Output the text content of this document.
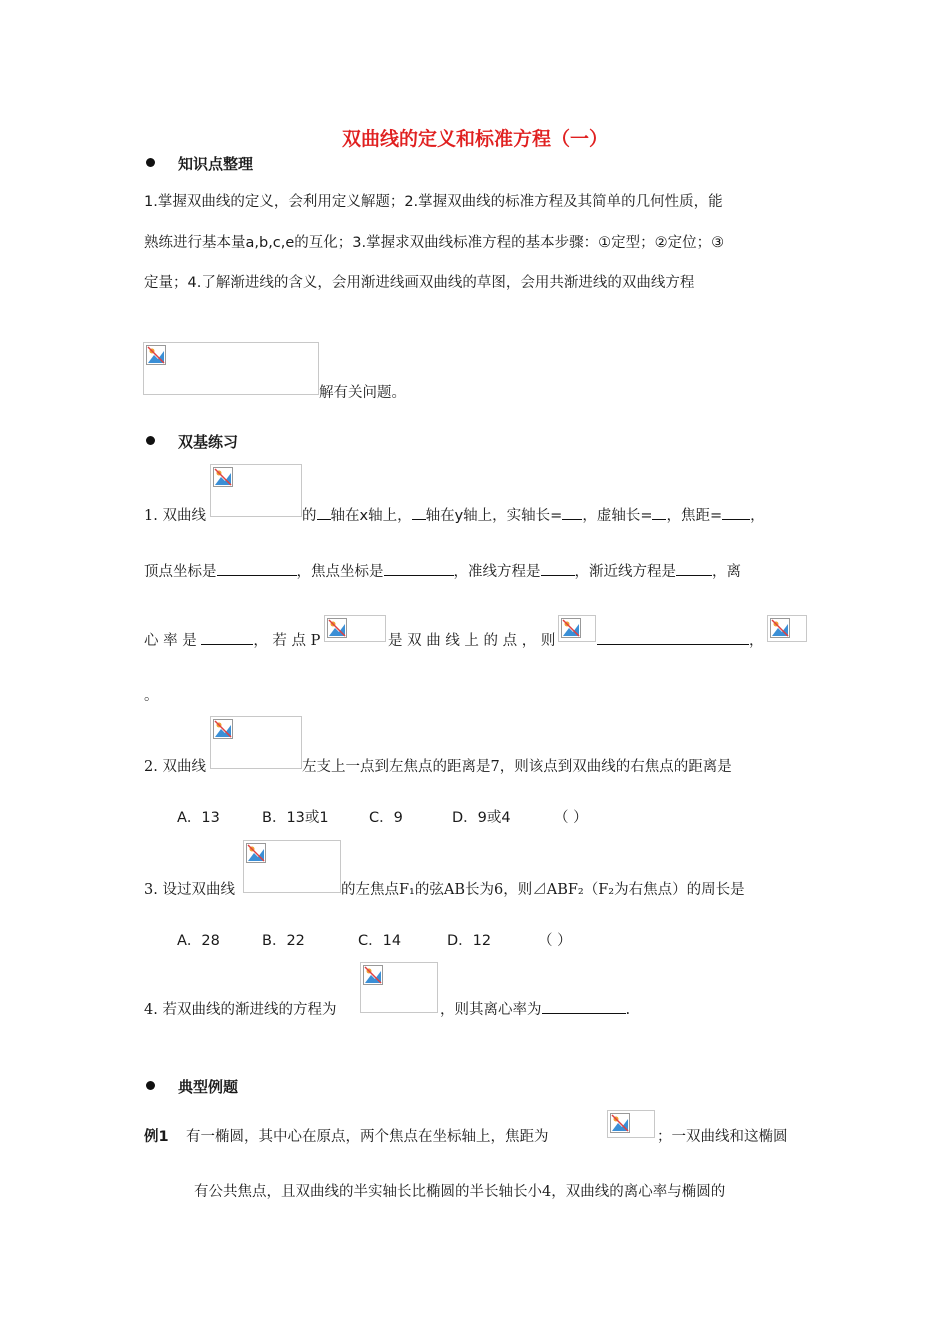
双曲线的定义和标准方程（一）
知识点整理
1.掌握双曲线的定义，会利用定义解题；2.掌握双曲线的标准方程及其简单的几何性质，能
熟练进行基本量a,b,c,e的互化；3.掌握求双曲线标准方程的基本步骤：①定型；②定位；③
定量；4.了解渐进线的含义，会用渐进线画双曲线的草图，会用共渐进线的双曲线方程
解有关问题。
双基练习
1. 双曲线	的 轴在x轴上， 轴在y轴上，实轴长= ，虚轴长= ，焦距= ，
顶点坐标是	，焦点坐标是	，准线方程是 ，渐近线方程是 ，离
心 率 是	， 若 点 P	是 双 曲 线 上 的 点 ， 则	，
。
2. 双曲线	左支上一点到左焦点的距离是7，则该点到双曲线的右焦点的距离是
A．13	B．13或1	C．9	D．9或4	（ ）
3. 设过双曲线	的左焦点F₁的弦AB长为6，则⊿ABF₂（F₂为右焦点）的周长是
A．28	B．22	C．14	D．12	（ ）
4. 若双曲线的渐进线的方程为	，则其离心率为	.
典型例题
例1 有一椭圆，其中心在原点，两个焦点在坐标轴上，焦距为	；一双曲线和这椭圆
有公共焦点，且双曲线的半实轴长比椭圆的半长轴长小4，双曲线的离心率与椭圆的
